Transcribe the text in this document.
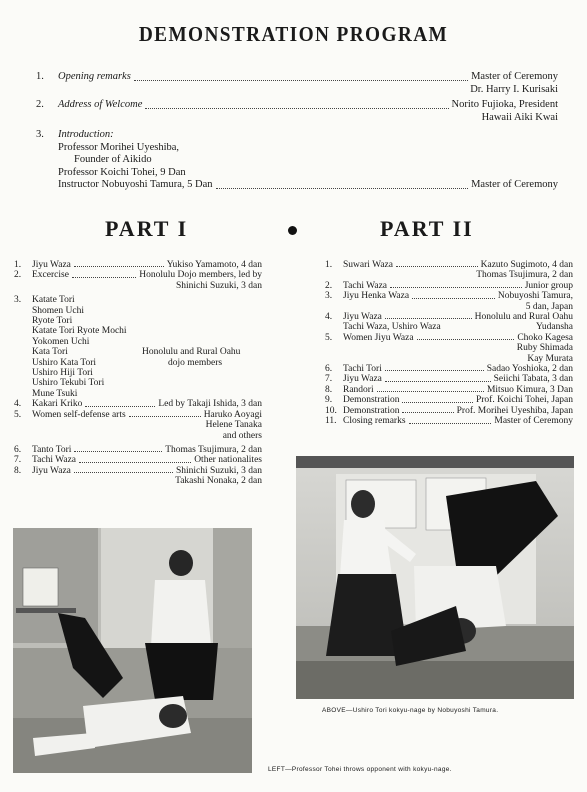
DEMONSTRATION PROGRAM
1.	Opening remarks	Master of Ceremony
Dr. Harry I. Kurisaki
2.	Address of Welcome	Norito Fujioka, President
Hawaii Aiki Kwai
3.	Introduction:
Professor Morihei Uyeshiba,
Founder of Aikido
Professor Koichi Tohei, 9 Dan
Instructor Nobuyoshi Tamura, 5 Dan	Master of Ceremony
PART I	PART II
1.	Jiyu Waza	Yukiso Yamamoto, 4 dan
2.	Excercise	Honolulu Dojo members, led by
Shinichi Suzuki, 3 dan
3.	Katate Tori
Shomen Uchi
Ryote Tori
Katate Tori Ryote Mochi
Yokomen Uchi
Kata Tori	Honolulu and Rural Oahu
Ushiro Kata Tori	dojo members
Ushiro Hiji Tori
Ushiro Tekubi Tori
Mune Tsuki
4.	Kakari Kriko	Led by Takaji Ishida, 3 dan
5.	Women self-defense arts	Haruko Aoyagi
Helene Tanaka
and others
6.	Tanto Tori	Thomas Tsujimura, 2 dan
7.	Tachi Waza	Other nationalites
8.	Jiyu Waza	Shinichi Suzuki, 3 dan
Takashi Nonaka, 2 dan
1.	Suwari Waza	Kazuto Sugimoto, 4 dan
Thomas Tsujimura, 2 dan
2.	Tachi Waza	Junior group
3.	Jiyu Henka Waza	Nobuyoshi Tamura,
5 dan, Japan
4.	Jiyu Waza	Honolulu and Rural Oahu
Tachi Waza, Ushiro Waza	Yudansha
5.	Women Jiyu Waza	Choko Kagesa
Ruby Shimada
Kay Murata
6.	Tachi Tori	Sadao Yoshioka, 2 dan
7.	Jiyu Waza	Seiichi Tabata, 3 dan
8.	Randori	Mitsuo Kimura, 3 Dan
9.	Demonstration	Prof. Koichi Tohei, Japan
10. Demonstration	Prof. Morihei Uyeshiba, Japan
11. Closing remarks	Master of Ceremony
ABOVE—Ushiro Tori kokyu-nage by Nobuyoshi Tamura.
LEFT—Professor Tohei throws opponent with kokyu-nage.
